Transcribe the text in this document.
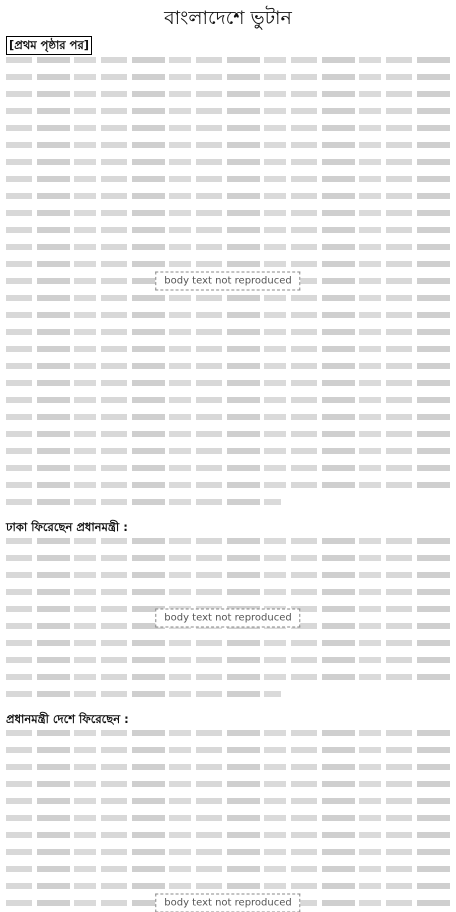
বাংলাদেশে ভুটান
[প্রথম পৃষ্ঠার পর]
body text not reproduced
ঢাকা ফিরেছেন প্রধানমন্ত্রী :
body text not reproduced
প্রধানমন্ত্রী দেশে ফিরেছেন :
body text not reproduced
